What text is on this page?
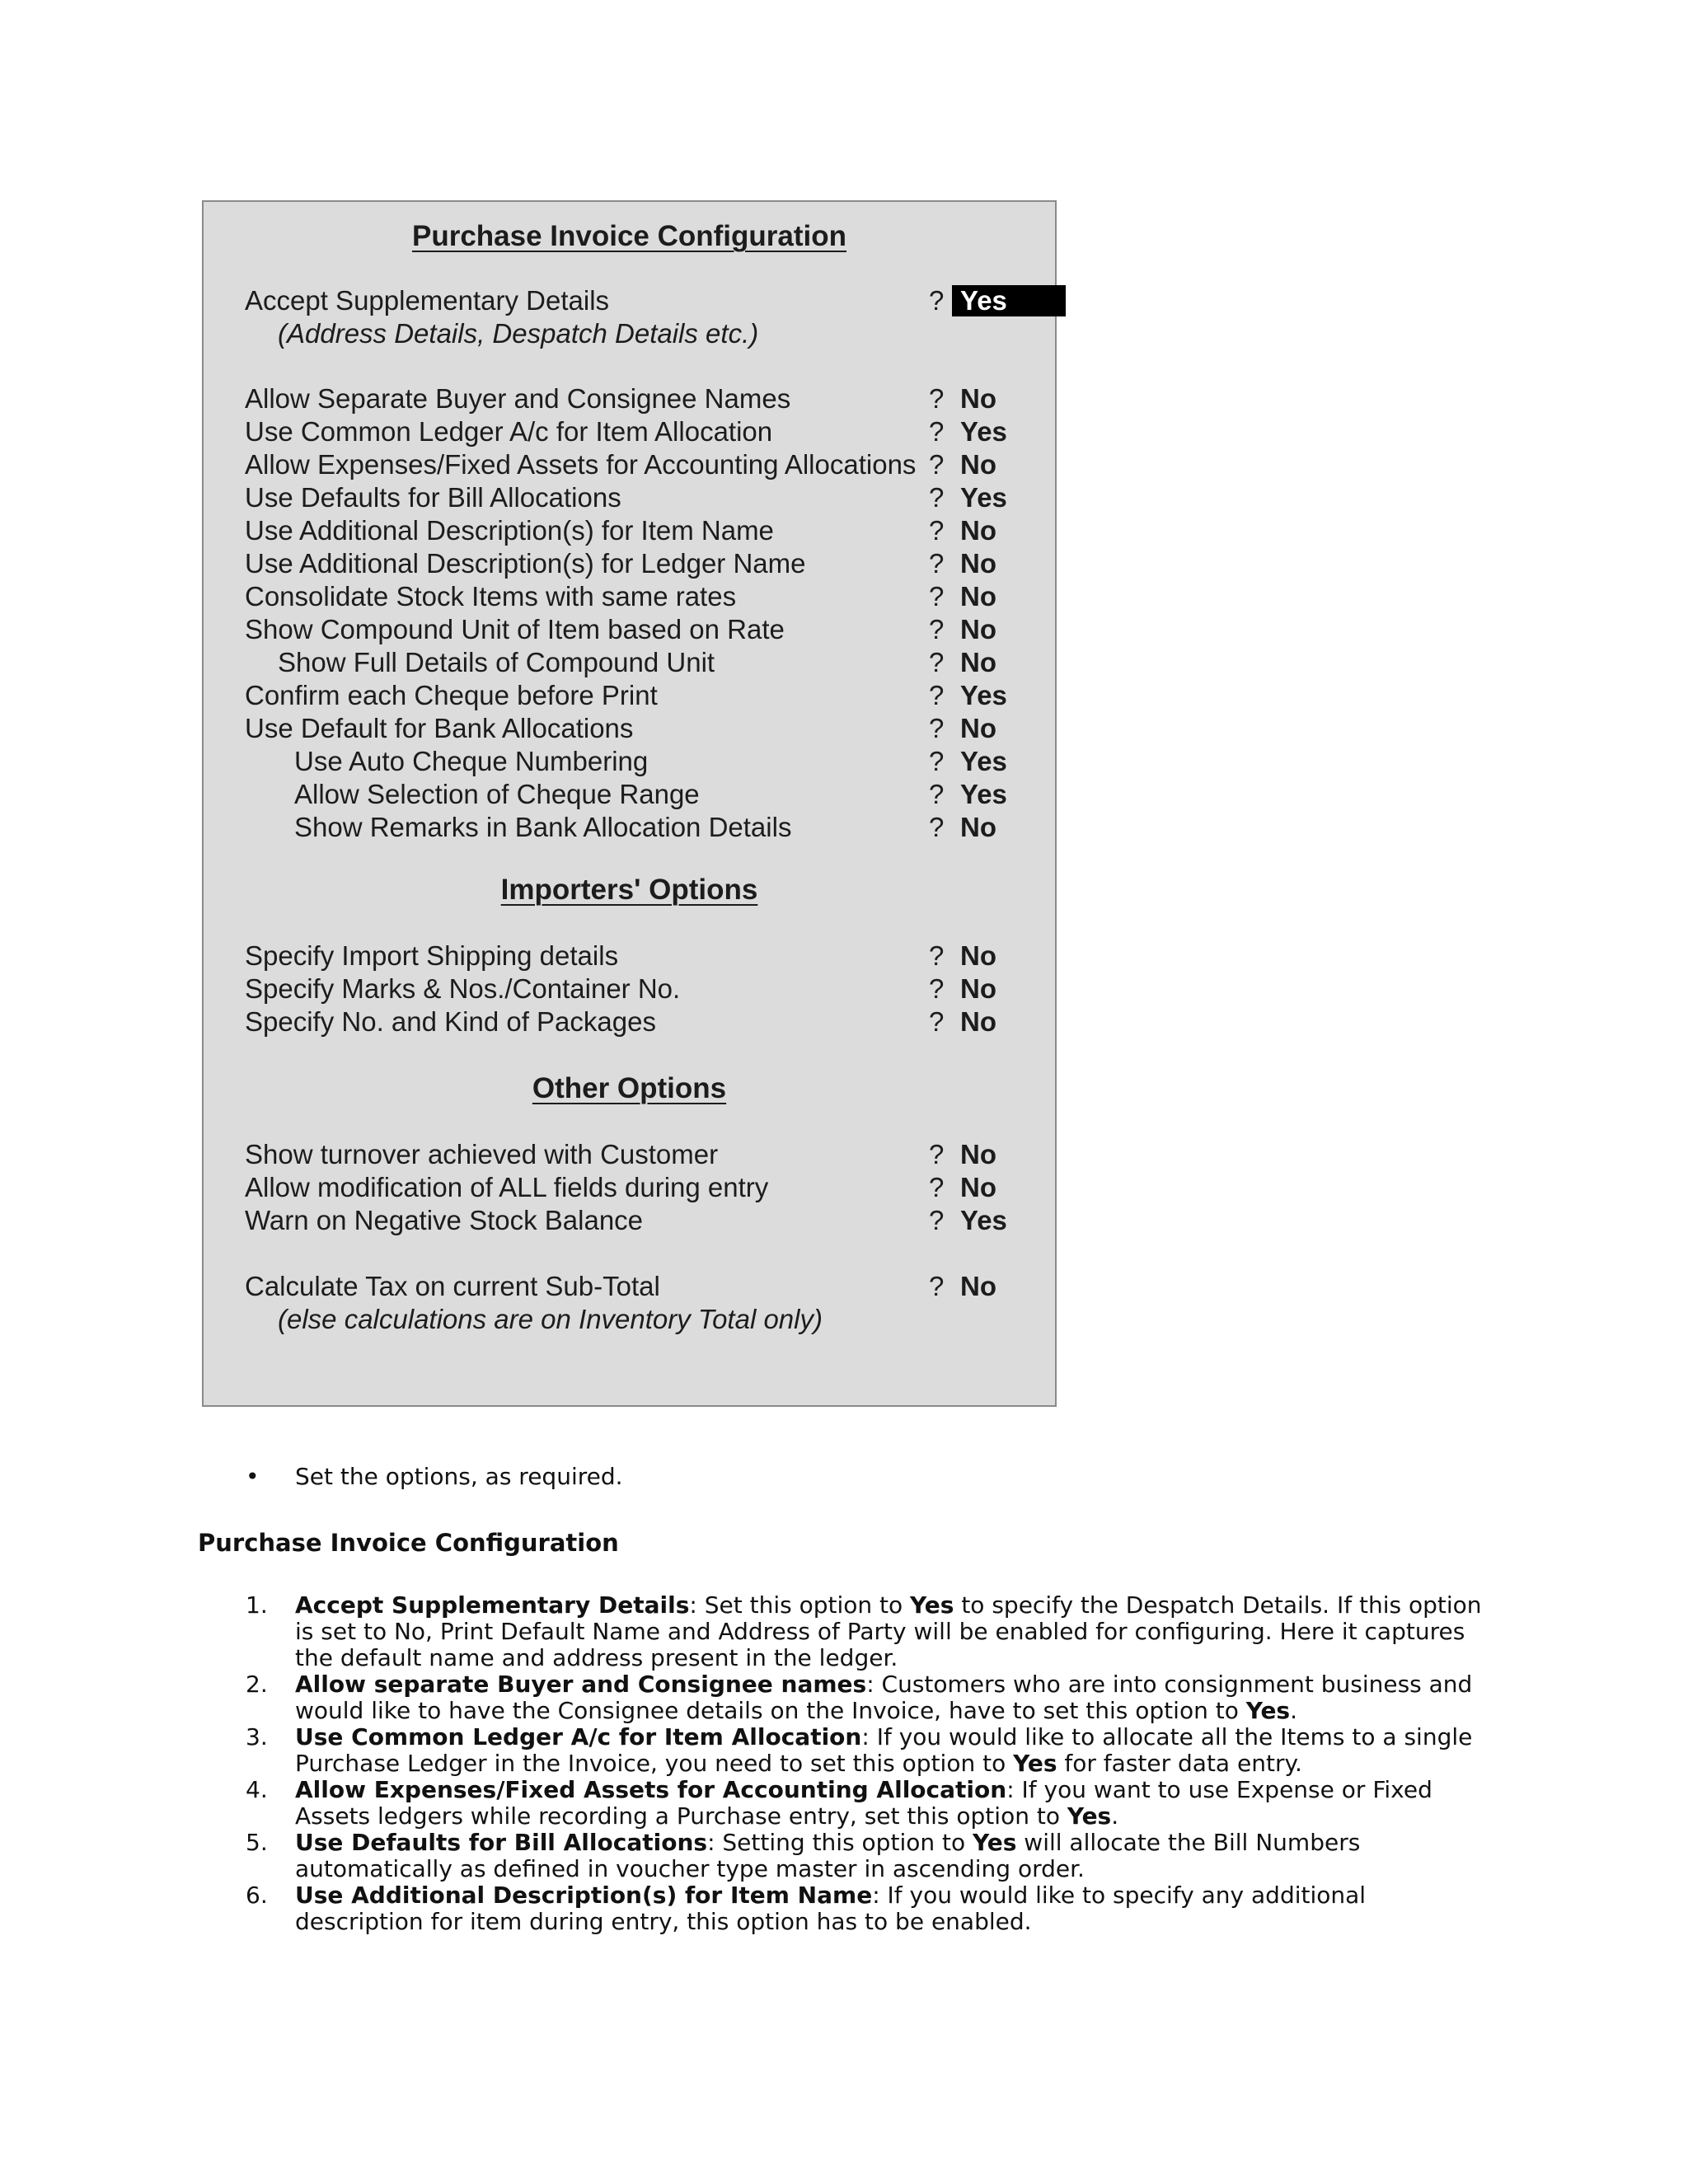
Purchase Invoice Configuration
Accept Supplementary Details	? Yes
(Address Details, Despatch Details etc.)
Allow Separate Buyer and Consignee Names	? No
Use Common Ledger A/c for Item Allocation	? Yes
Allow Expenses/Fixed Assets for Accounting Allocations ? No
Use Defaults for Bill Allocations	? Yes
Use Additional Description(s) for Item Name	? No
Use Additional Description(s) for Ledger Name	? No
Consolidate Stock Items with same rates	? No
Show Compound Unit of Item based on Rate	? No
Show Full Details of Compound Unit	? No
Confirm each Cheque before Print	? Yes
Use Default for Bank Allocations	? No
Use Auto Cheque Numbering	? Yes
Allow Selection of Cheque Range	? Yes
Show Remarks in Bank Allocation Details	? No
Importers' Options
Specify Import Shipping details	? No
Specify Marks & Nos./Container No.	? No
Specify No. and Kind of Packages	? No
Other Options
Show turnover achieved with Customer	? No
Allow modification of ALL fields during entry	? No
Warn on Negative Stock Balance	? Yes
Calculate Tax on current Sub-Total	? No
(else calculations are on Inventory Total only)
• Set the options, as required.
Purchase Invoice Configuration
1. Accept Supplementary Details: Set this option to Yes to specify the Despatch Details. If this option is set to No, Print Default Name and Address of Party will be enabled for configuring. Here it captures the default name and address present in the ledger.
2. Allow separate Buyer and Consignee names: Customers who are into consignment business and would like to have the Consignee details on the Invoice, have to set this option to Yes.
3. Use Common Ledger A/c for Item Allocation: If you would like to allocate all the Items to a single Purchase Ledger in the Invoice, you need to set this option to Yes for faster data entry.
4. Allow Expenses/Fixed Assets for Accounting Allocation: If you want to use Expense or Fixed Assets ledgers while recording a Purchase entry, set this option to Yes.
5. Use Defaults for Bill Allocations: Setting this option to Yes will allocate the Bill Numbers automatically as defined in voucher type master in ascending order.
6. Use Additional Description(s) for Item Name: If you would like to specify any additional description for item during entry, this option has to be enabled.
